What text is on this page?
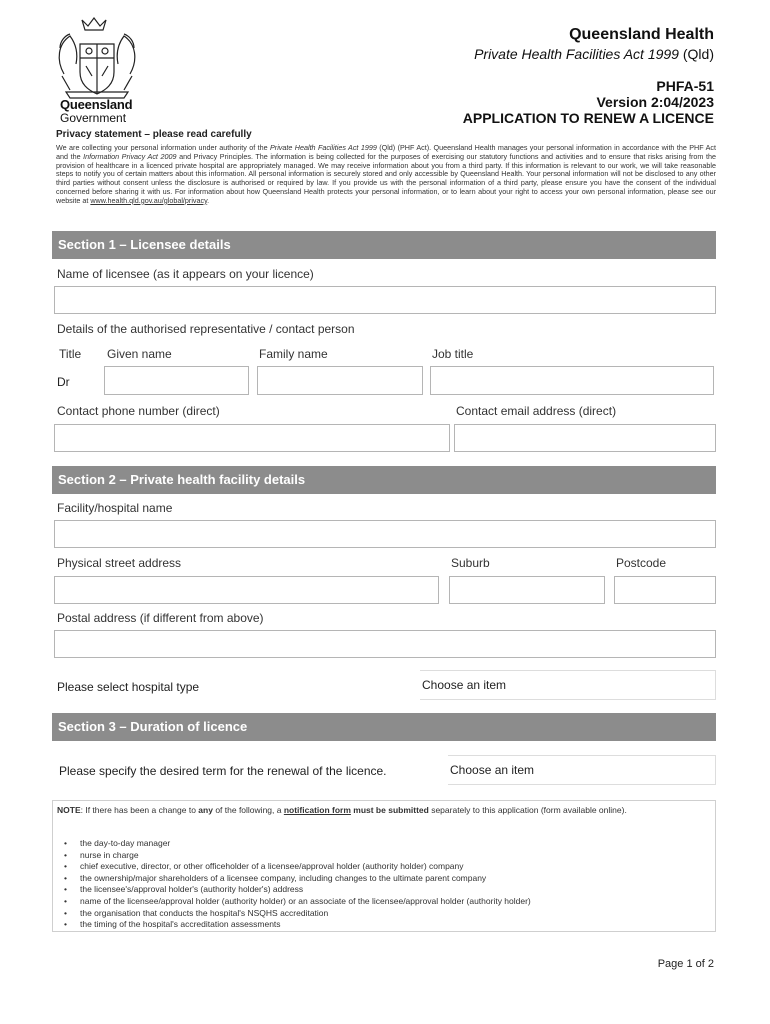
Queensland
Government
Queensland Health
Private Health Facilities Act 1999 (Qld)
PHFA-51
Version 2:04/2023
APPLICATION TO RENEW A LICENCE
Privacy statement – please read carefully
We are collecting your personal information under authority of the Private Health Facilities Act 1999 (Qld) (PHF Act). Queensland Health manages your personal information in accordance with the PHF Act and the Information Privacy Act 2009 and Privacy Principles. The information is being collected for the purposes of exercising our statutory functions and activities and to ensure that risks arising from the provision of healthcare in a licenced private hospital are appropriately managed. We may receive information about you from a third party. If this information is relevant to our work, we will take reasonable steps to notify you of certain matters about this information. All personal information is securely stored and only accessible by Queensland Health. Your personal information will not be disclosed to any other third parties without consent unless the disclosure is authorised or required by law. If you provide us with the personal information of a third party, please ensure you have the consent of the individual concerned before sharing it with us. For information about how Queensland Health protects your personal information, or to learn about your right to access your own personal information, please see our website at www.health.qld.gov.au/global/privacy.
Section 1 – Licensee details
Name of licensee (as it appears on your licence)
Details of the authorised representative / contact person
Title Given name	Family name	Job title
Dr
Contact phone number (direct)	Contact email address (direct)
Section 2 – Private health facility details
Facility/hospital name
Physical street address	Suburb	Postcode
Postal address (if different from above)
Please select hospital type	Choose an item
Section 3 – Duration of licence
Please specify the desired term for the renewal of the licence.	Choose an item
NOTE: If there has been a change to any of the following, a notification form must be submitted separately to this application (form available online).
• the day-to-day manager
• nurse in charge
• chief executive, director, or other officeholder of a licensee/approval holder (authority holder) company
• the ownership/major shareholders of a licensee company, including changes to the ultimate parent company
• the licensee's/approval holder's (authority holder's) address
• name of the licensee/approval holder (authority holder) or an associate of the licensee/approval holder (authority holder)
• the organisation that conducts the hospital's NSQHS accreditation
• the timing of the hospital's accreditation assessments
Page 1 of 2
